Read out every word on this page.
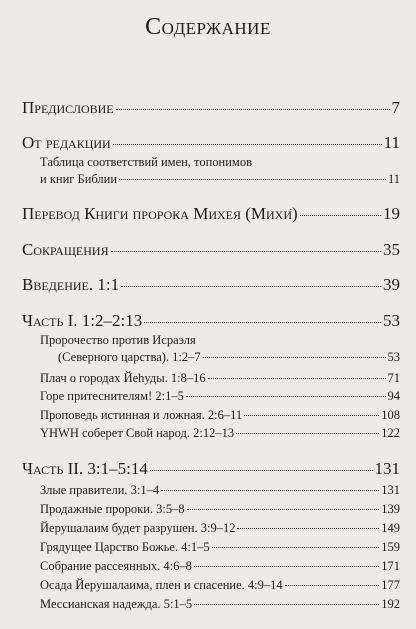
Содержание
Предисловие	7
От редакции	11
Таблица соответствий имен, топонимов
и книг Библии	11
Перевод Книги пророка Михея (Михи́)	19
Сокращения	35
Введение. 1:1	39
Часть I. 1:2–2:13	53
Пророчество против Исраэля
(Северного царства). 1:2–7	53
Плач о городах Йеhуды. 1:8–16	71
Горе притеснителям! 2:1–5	94
Проповедь истинная и ложная. 2:6–11	108
YHWH соберет Свой народ. 2:12–13	122
Часть II. 3:1–5:14	131
Злые правители. 3:1–4	131
Продажные пророки. 3:5–8	139
Йерушалаим будет разрушен. 3:9–12	149
Грядущее Царство Божье. 4:1–5	159
Собрание рассеянных. 4:6–8	171
Осада Йерушалаима, плен и спасение. 4:9–14	177
Мессианская надежда. 5:1–5	192
